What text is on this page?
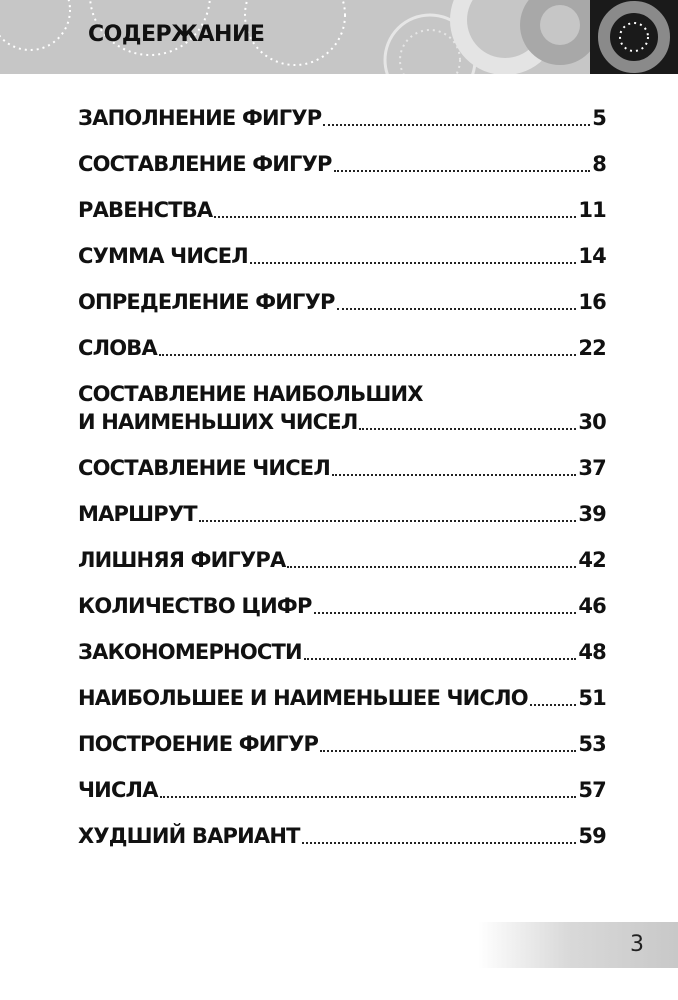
СОДЕРЖАНИЕ
ЗАПОЛНЕНИЕ ФИГУР	5
СОСТАВЛЕНИЕ ФИГУР	8
РАВЕНСТВА	11
СУММА ЧИСЕЛ	14
ОПРЕДЕЛЕНИЕ ФИГУР	16
СЛОВА	22
СОСТАВЛЕНИЕ НАИБОЛЬШИХ
И НАИМЕНЬШИХ ЧИСЕЛ	30
СОСТАВЛЕНИЕ ЧИСЕЛ	37
МАРШРУТ	39
ЛИШНЯЯ ФИГУРА	42
КОЛИЧЕСТВО ЦИФР	46
ЗАКОНОМЕРНОСТИ	48
НАИБОЛЬШЕЕ И НАИМЕНЬШЕЕ ЧИСЛО 51
ПОСТРОЕНИЕ ФИГУР	53
ЧИСЛА	57
ХУДШИЙ ВАРИАНТ	59
3
